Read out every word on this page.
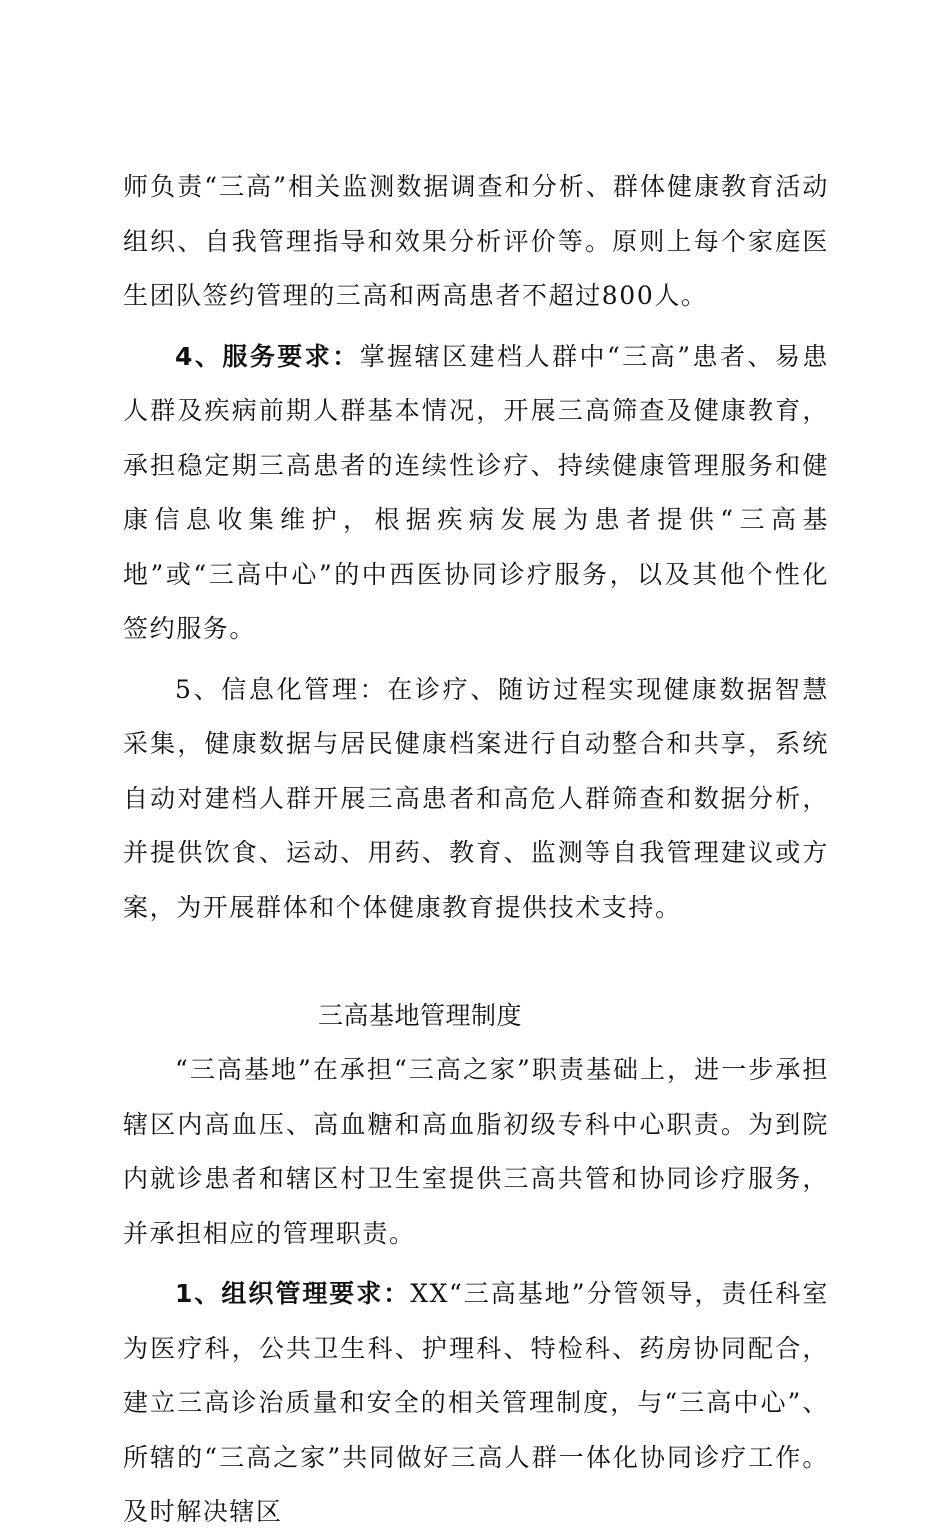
师负责“三高”相关监测数据调查和分析、群体健康教育活动组织、自我管理指导和效果分析评价等。原则上每个家庭医生团队签约管理的三高和两高患者不超过800人。

4、服务要求：掌握辖区建档人群中“三高”患者、易患人群及疾病前期人群基本情况，开展三高筛查及健康教育，承担稳定期三高患者的连续性诊疗、持续健康管理服务和健康信息收集维护，根据疾病发展为患者提供“三高基地”或“三高中心”的中西医协同诊疗服务，以及其他个性化签约服务。

5、信息化管理：在诊疗、随访过程实现健康数据智慧采集，健康数据与居民健康档案进行自动整合和共享，系统自动对建档人群开展三高患者和高危人群筛查和数据分析，并提供饮食、运动、用药、教育、监测等自我管理建议或方案，为开展群体和个体健康教育提供技术支持。

三高基地管理制度

“三高基地”在承担“三高之家”职责基础上，进一步承担辖区内高血压、高血糖和高血脂初级专科中心职责。为到院内就诊患者和辖区村卫生室提供三高共管和协同诊疗服务，并承担相应的管理职责。

1、组织管理要求：XX“三高基地”分管领导，责任科室为医疗科，公共卫生科、护理科、特检科、药房协同配合，建立三高诊治质量和安全的相关管理制度，与“三高中心”、所辖的“三高之家”共同做好三高人群一体化协同诊疗工作。及时解决辖区
